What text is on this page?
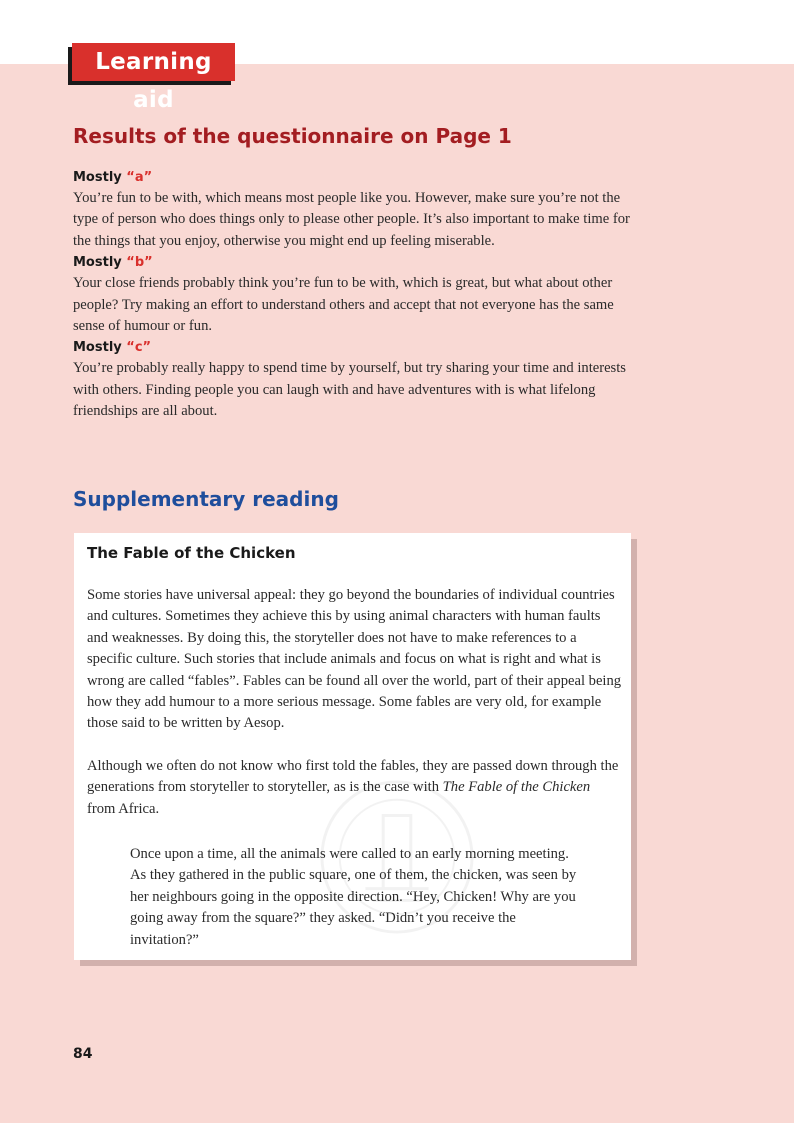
Learning aid
Results of the questionnaire on Page 1
Mostly “a”

You’re fun to be with, which means most people like you. However, make sure you’re not the type of person who does things only to please other people. It’s also important to make time for the things that you enjoy, otherwise you might end up feeling miserable.

Mostly “b”

Your close friends probably think you’re fun to be with, which is great, but what about other people? Try making an effort to understand others and accept that not everyone has the same sense of humour or fun.

Mostly “c”

You’re probably really happy to spend time by yourself, but try sharing your time and interests with others. Finding people you can laugh with and have adventures with is what lifelong friendships are all about.

Supplementary reading
The Fable of the Chicken

Some stories have universal appeal: they go beyond the boundaries of individual countries and cultures. Sometimes they achieve this by using animal characters with human faults and weaknesses. By doing this, the storyteller does not have to make references to a specific culture. Such stories that include animals and focus on what is right and what is wrong are called “fables”. Fables can be found all over the world, part of their appeal being how they add humour to a more serious message. Some fables are very old, for example those said to be written by Aesop.

Although we often do not know who first told the fables, they are passed down through the generations from storyteller to storyteller, as is the case with The Fable of the Chicken from Africa.

Once upon a time, all the animals were called to an early morning meeting. As they gathered in the public square, one of them, the chicken, was seen by her neighbours going in the opposite direction. “Hey, Chicken! Why are you going away from the square?” they asked. “Didn’t you receive the invitation?”

84
